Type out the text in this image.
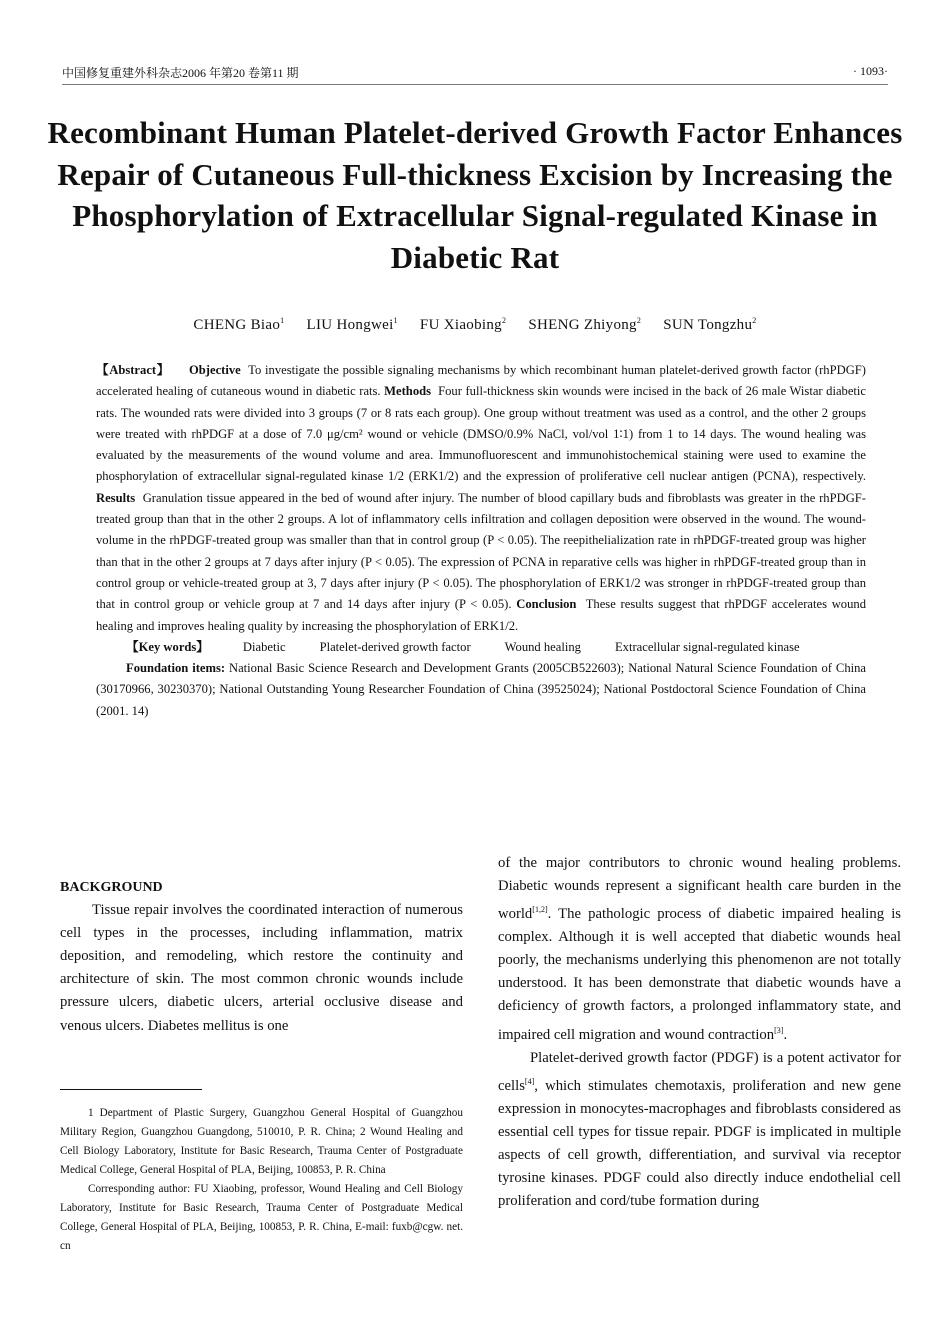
中国修复重建外科杂志2006 年第20 卷第11 期	· 1093·
Recombinant Human Platelet-derived Growth Factor Enhances Repair of Cutaneous Full-thickness Excision by Increasing the Phosphorylation of Extracellular Signal-regulated Kinase in Diabetic Rat
CHENG Biao$^1$ LIU Hongwei$^1$ FU Xiaobing$^2$ SHENG Zhiyong$^2$ SUN Tongzhu$^2$

【Abstract】 Objective To investigate the possible signaling mechanisms by which recombinant human platelet-derived growth factor (rhPDGF) accelerated healing of cutaneous wound in diabetic rats. Methods Four full-thickness skin wounds were incised in the back of 26 male Wistar diabetic rats. The wounded rats were divided into 3 groups (7 or 8 rats each group). One group without treatment was used as a control, and the other 2 groups were treated with rhPDGF at a dose of 7.0 μg/cm² wound or vehicle (DMSO/0.9% NaCl, vol/vol 1∶1) from 1 to 14 days. The wound healing was evaluated by the measurements of the wound volume and area. Immunofluorescent and immunohistochemical staining were used to examine the phosphorylation of extracellular signal-regulated kinase 1/2 (ERK1/2) and the expression of proliferative cell nuclear antigen (PCNA), respectively. Results Granulation tissue appeared in the bed of wound after injury. The number of blood capillary buds and fibroblasts was greater in the rhPDGF-treated group than that in the other 2 groups. A lot of inflammatory cells infiltration and collagen deposition were observed in the wound. The wound-volume in the rhPDGF-treated group was smaller than that in control group (P < 0.05). The reepithelialization rate in rhPDGF-treated group was higher than that in the other 2 groups at 7 days after injury (P < 0.05). The expression of PCNA in reparative cells was higher in rhPDGF-treated group than in control group or vehicle-treated group at 3, 7 days after injury (P < 0.05). The phosphorylation of ERK1/2 was stronger in rhPDGF-treated group than that in control group or vehicle group at 7 and 14 days after injury (P < 0.05). Conclusion These results suggest that rhPDGF accelerates wound healing and improves healing quality by increasing the phosphorylation of ERK1/2.

【Key words】	Diabetic	Platelet-derived growth factor	Wound healing	Extracellular signal-regulated kinase

Foundation items: National Basic Science Research and Development Grants (2005CB522603); National Natural Science Foundation of China (30170966, 30230370); National Outstanding Young Researcher Foundation of China (39525024); National Postdoctoral Science Foundation of China (2001. 14)

BACKGROUND

Tissue repair involves the coordinated interaction of numerous cell types in the processes, including inflammation, matrix deposition, and remodeling, which restore the continuity and architecture of skin. The most common chronic wounds include pressure ulcers, diabetic ulcers, arterial occlusive disease and venous ulcers. Diabetes mellitus is one

1 Department of Plastic Surgery, Guangzhou General Hospital of Guangzhou Military Region, Guangzhou Guangdong, 510010, P. R. China; 2 Wound Healing and Cell Biology Laboratory, Institute for Basic Research, Trauma Center of Postgraduate Medical College, General Hospital of PLA, Beijing, 100853, P. R. China

Corresponding author: FU Xiaobing, professor, Wound Healing and Cell Biology Laboratory, Institute for Basic Research, Trauma Center of Postgraduate Medical College, General Hospital of PLA, Beijing, 100853, P. R. China, E-mail: fuxb@cgw. net. cn

of the major contributors to chronic wound healing problems. Diabetic wounds represent a significant health care burden in the world[1,2]. The pathologic process of diabetic impaired healing is complex. Although it is well accepted that diabetic wounds heal poorly, the mechanisms underlying this phenomenon are not totally understood. It has been demonstrate that diabetic wounds have a deficiency of growth factors, a prolonged inflammatory state, and impaired cell migration and wound contraction[3].

Platelet-derived growth factor (PDGF) is a potent activator for cells[4], which stimulates chemotaxis, proliferation and new gene expression in monocytes-macrophages and fibroblasts considered as essential cell types for tissue repair. PDGF is implicated in multiple aspects of cell growth, differentiation, and survival via receptor tyrosine kinases. PDGF could also directly induce endothelial cell proliferation and cord/tube formation during
